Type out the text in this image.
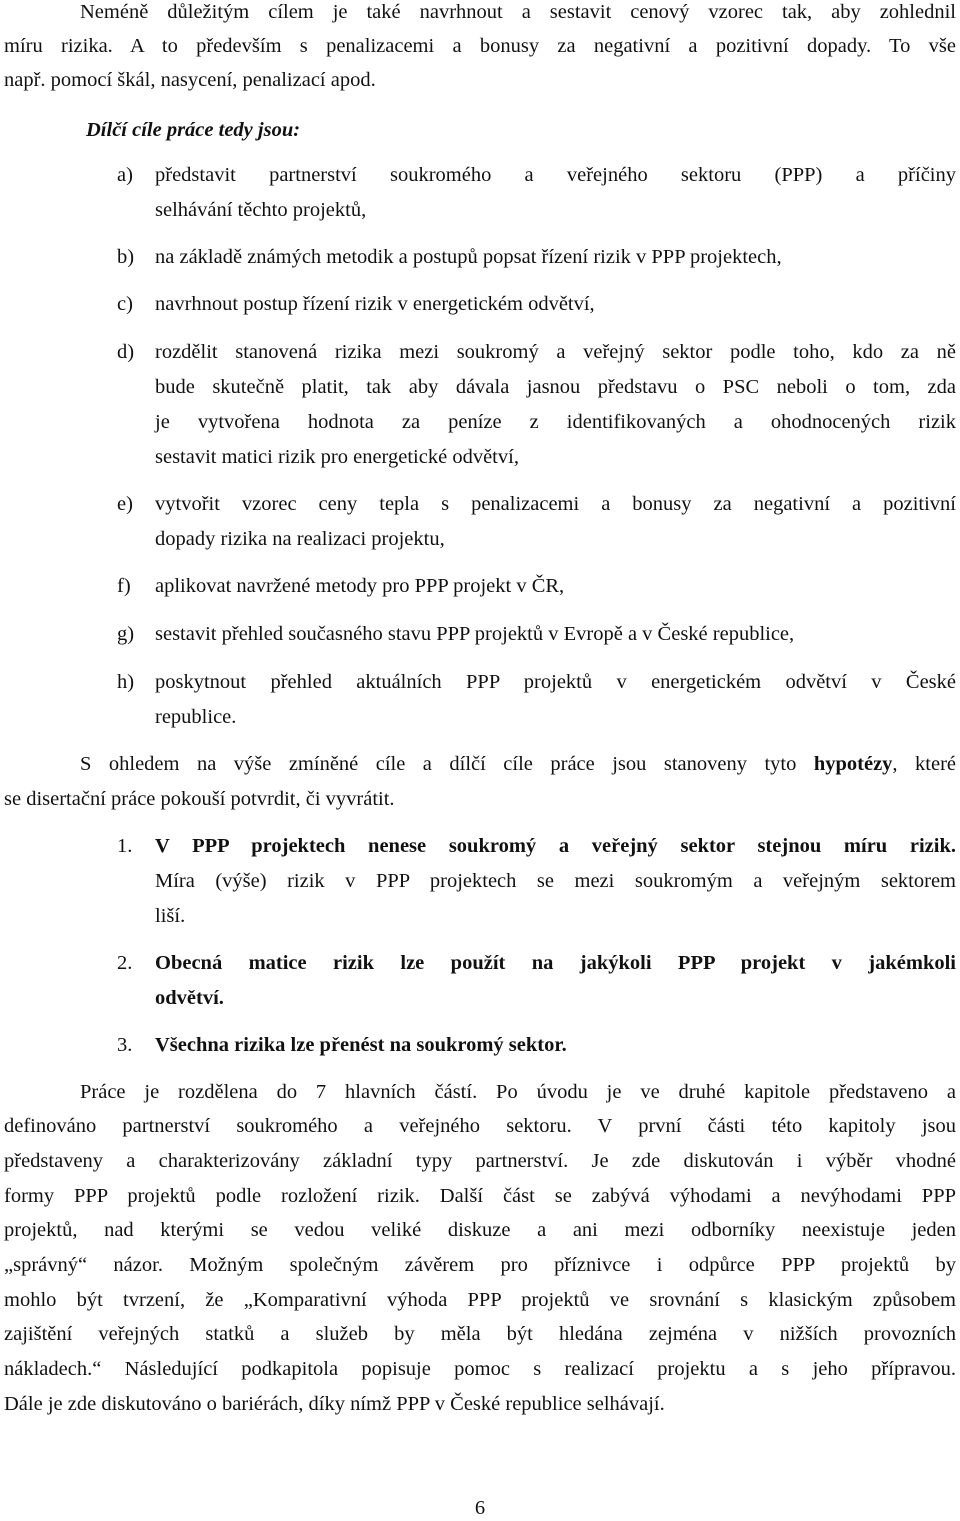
Neméně důležitým cílem je také navrhnout a sestavit cenový vzorec tak, aby zohlednil
míru rizika. A to především s penalizacemi a bonusy za negativní a pozitivní dopady. To vše
např. pomocí škál, nasycení, penalizací apod.
Dílčí cíle práce tedy jsou:
a) představit partnerství soukromého a veřejného sektoru (PPP) a příčiny
selhávání těchto projektů,
b) na základě známých metodik a postupů popsat řízení rizik v PPP projektech,
c) navrhnout postup řízení rizik v energetickém odvětví,
d) rozdělit stanovená rizika mezi soukromý a veřejný sektor podle toho, kdo za ně
bude skutečně platit, tak aby dávala jasnou představu o PSC neboli o tom, zda
je vytvořena hodnota za peníze z identifikovaných a ohodnocených rizik
sestavit matici rizik pro energetické odvětví,
e) vytvořit vzorec ceny tepla s penalizacemi a bonusy za negativní a pozitivní
dopady rizika na realizaci projektu,
f) aplikovat navržené metody pro PPP projekt v ČR,
g) sestavit přehled současného stavu PPP projektů v Evropě a v České republice,
h) poskytnout přehled aktuálních PPP projektů v energetickém odvětví v České
republice.
S ohledem na výše zmíněné cíle a dílčí cíle práce jsou stanoveny tyto hypotézy, které
se disertační práce pokouší potvrdit, či vyvrátit.
1. V PPP projektech nenese soukromý a veřejný sektor stejnou míru rizik.
Míra (výše) rizik v PPP projektech se mezi soukromým a veřejným sektorem
liší.
2. Obecná matice rizik lze použít na jakýkoli PPP projekt v jakémkoli
odvětví.
3. Všechna rizika lze přenést na soukromý sektor.
Práce je rozdělena do 7 hlavních částí. Po úvodu je ve druhé kapitole představeno a
definováno partnerství soukromého a veřejného sektoru. V první části této kapitoly jsou
představeny a charakterizovány základní typy partnerství. Je zde diskutován i výběr vhodné
formy PPP projektů podle rozložení rizik. Další část se zabývá výhodami a nevýhodami PPP
projektů, nad kterými se vedou veliké diskuze a ani mezi odborníky neexistuje jeden
„správný“ názor. Možným společným závěrem pro příznivce i odpůrce PPP projektů by
mohlo být tvrzení, že „Komparativní výhoda PPP projektů ve srovnání s klasickým způsobem
zajištění veřejných statků a služeb by měla být hledána zejména v nižších provozních
nákladech.“ Následující podkapitola popisuje pomoc s realizací projektu a s jeho přípravou.
Dále je zde diskutováno o bariérách, díky nímž PPP v České republice selhávají.
6
